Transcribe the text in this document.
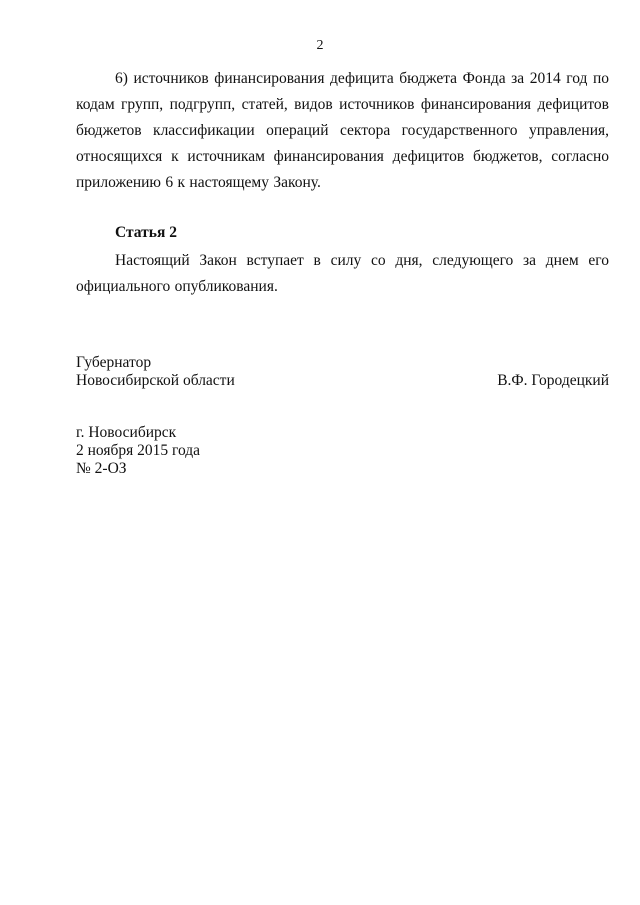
2

6) источников финансирования дефицита бюджета Фонда за 2014 год по кодам групп, подгрупп, статей, видов источников финансирования дефицитов бюджетов классификации операций сектора государственного управления, относящихся к источникам финансирования дефицитов бюджетов, согласно приложению 6 к настоящему Закону.

Статья 2

Настоящий Закон вступает в силу со дня, следующего за днем его официального опубликования.

Губернатор
Новосибирской области	В.Ф. Городецкий
г. Новосибирск
2 ноября 2015 года
№ 2-ОЗ
